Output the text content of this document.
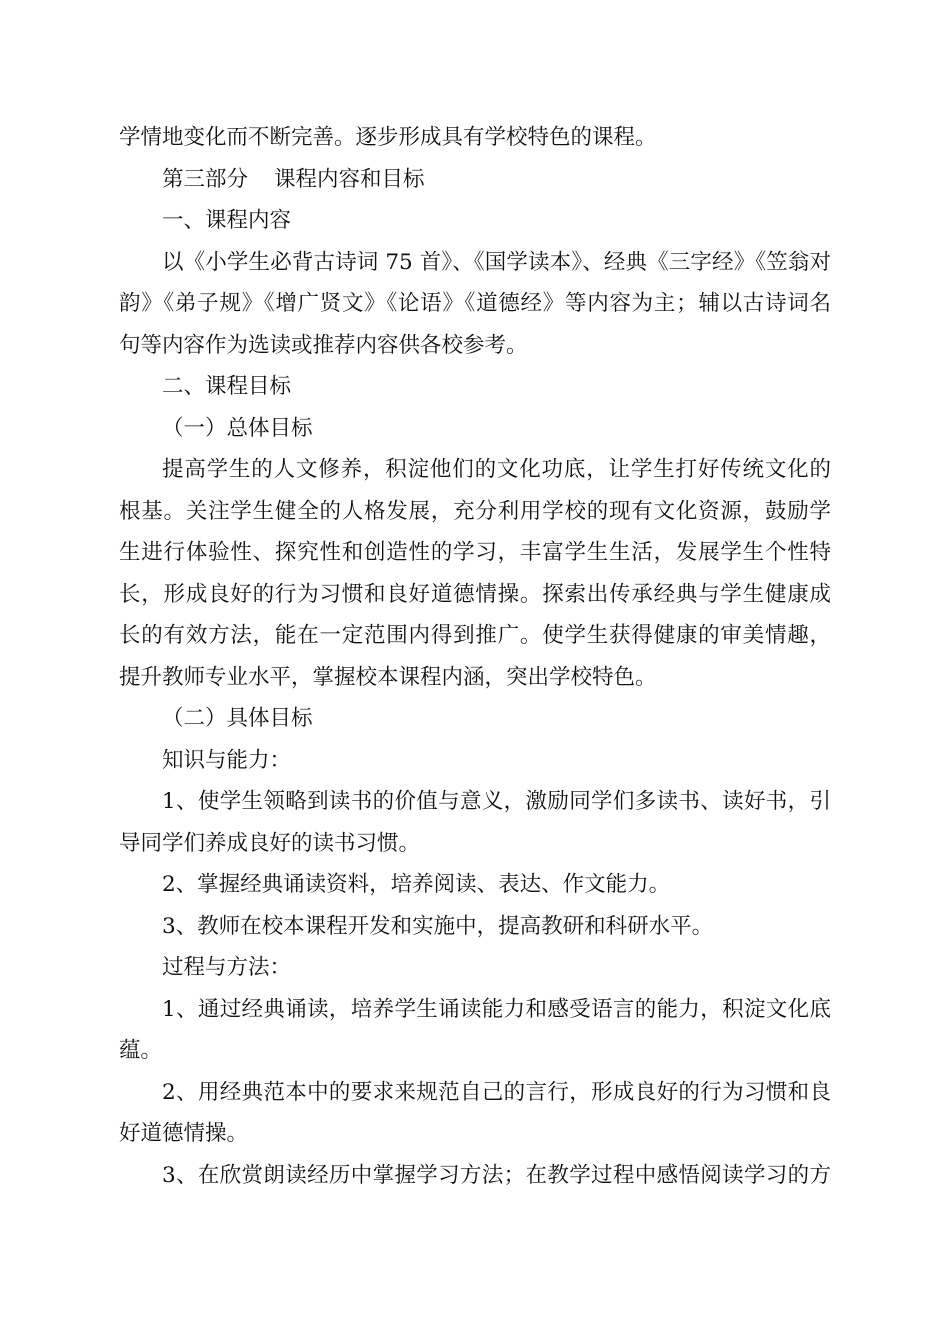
学情地变化而不断完善。逐步形成具有学校特色的课程。

第三部分 课程内容和目标

一、课程内容

以《小学生必背古诗词 75 首》、《国学读本》、经典《三字经》《笠翁对

韵》《弟子规》《增广贤文》《论语》《道德经》等内容为主；辅以古诗词名

句等内容作为选读或推荐内容供各校参考。

二、课程目标

（一）总体目标

提高学生的人文修养，积淀他们的文化功底，让学生打好传统文化的

根基。关注学生健全的人格发展，充分利用学校的现有文化资源，鼓励学

生进行体验性、探究性和创造性的学习，丰富学生生活，发展学生个性特

长，形成良好的行为习惯和良好道德情操。探索出传承经典与学生健康成

长的有效方法，能在一定范围内得到推广。使学生获得健康的审美情趣，

提升教师专业水平，掌握校本课程内涵，突出学校特色。

（二）具体目标

知识与能力：

1、使学生领略到读书的价值与意义，激励同学们多读书、读好书，引

导同学们养成良好的读书习惯。

2、掌握经典诵读资料，培养阅读、表达、作文能力。

3、教师在校本课程开发和实施中，提高教研和科研水平。

过程与方法：

1、通过经典诵读，培养学生诵读能力和感受语言的能力，积淀文化底

蕴。

2、用经典范本中的要求来规范自己的言行，形成良好的行为习惯和良

好道德情操。

3、在欣赏朗读经历中掌握学习方法；在教学过程中感悟阅读学习的方
